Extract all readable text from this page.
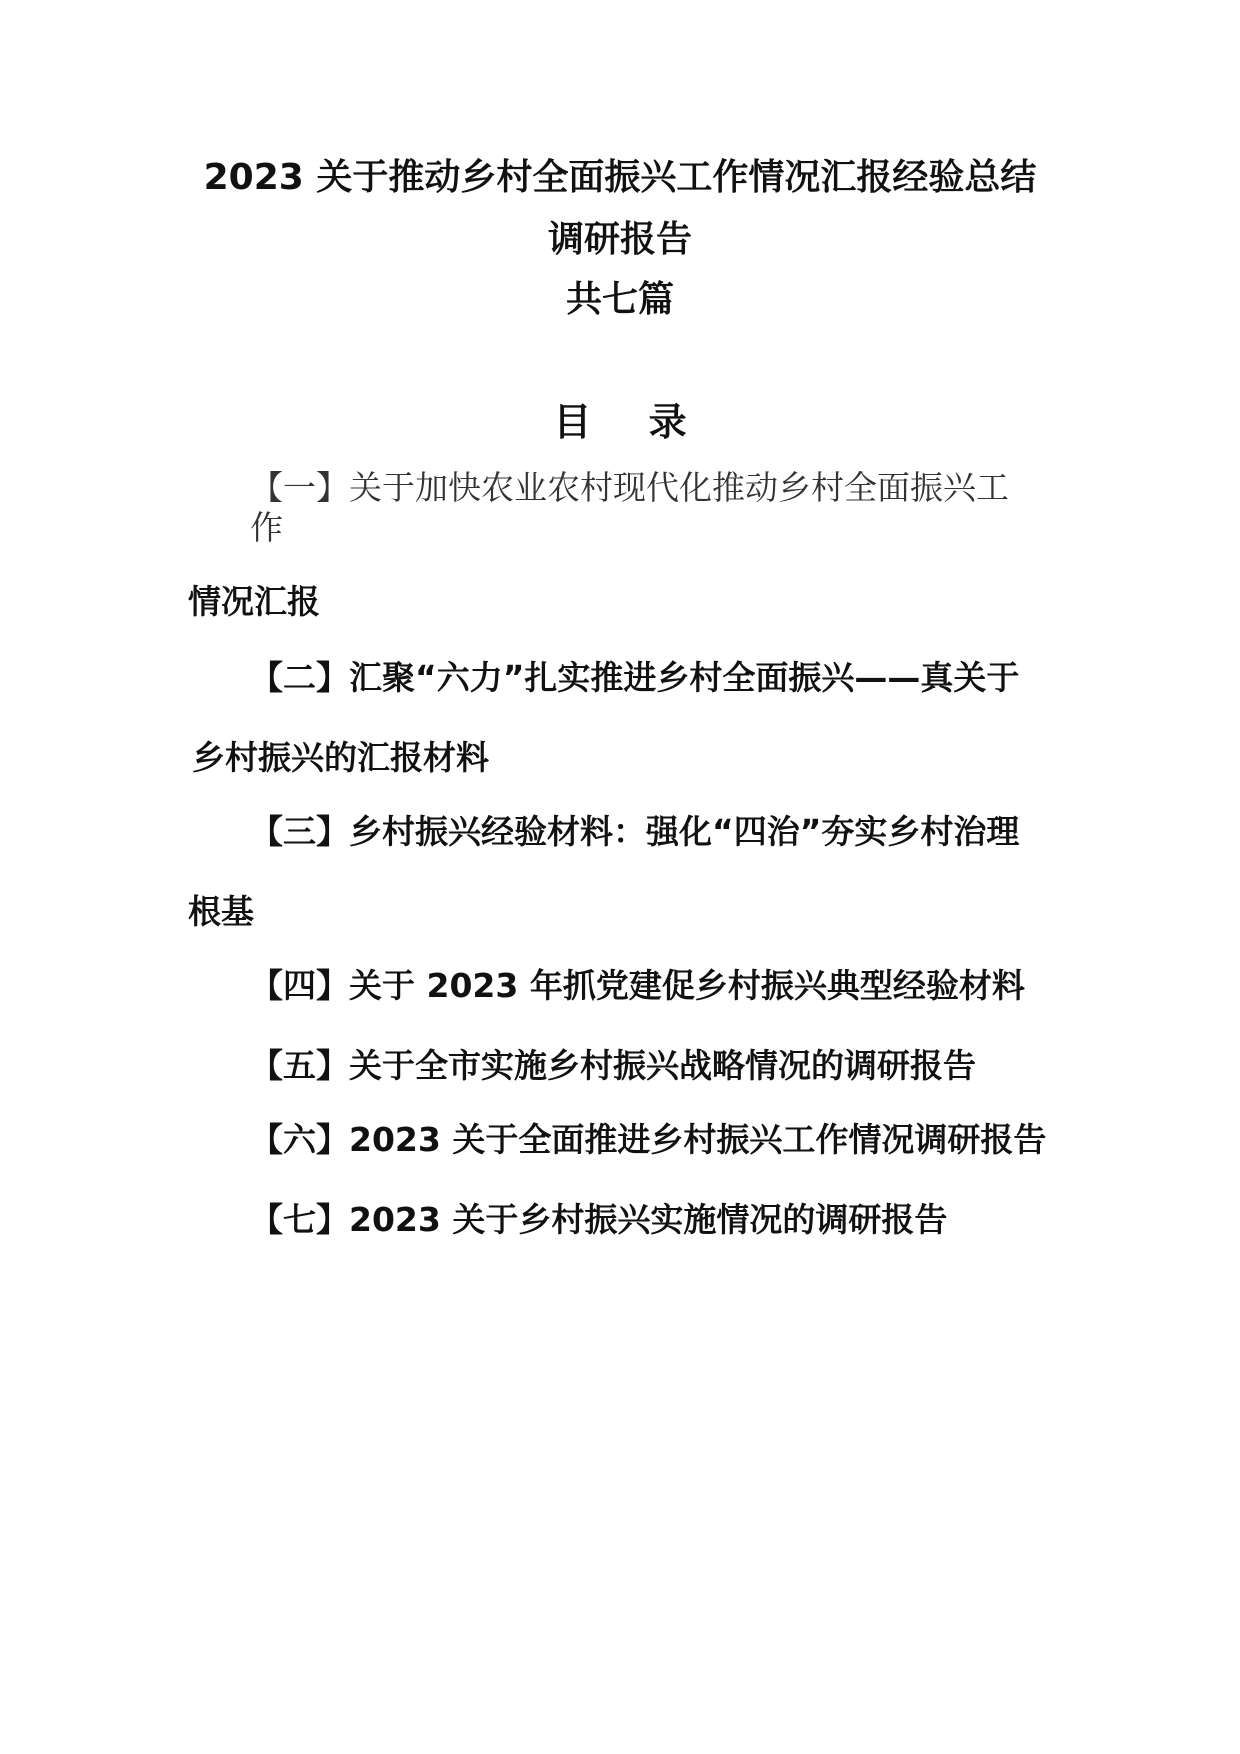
2023 关于推动乡村全面振兴工作情况汇报经验总结
调研报告
共七篇
目 录
【一】关于加快农业农村现代化推动乡村全面振兴工
作
情况汇报
【二】汇聚“六力”扎实推进乡村全面振兴——真关于
乡村振兴的汇报材料
【三】乡村振兴经验材料：强化“四治”夯实乡村治理
根基
【四】关于 2023 年抓党建促乡村振兴典型经验材料
【五】关于全市实施乡村振兴战略情况的调研报告
【六】2023 关于全面推进乡村振兴工作情况调研报告
【七】2023 关于乡村振兴实施情况的调研报告
